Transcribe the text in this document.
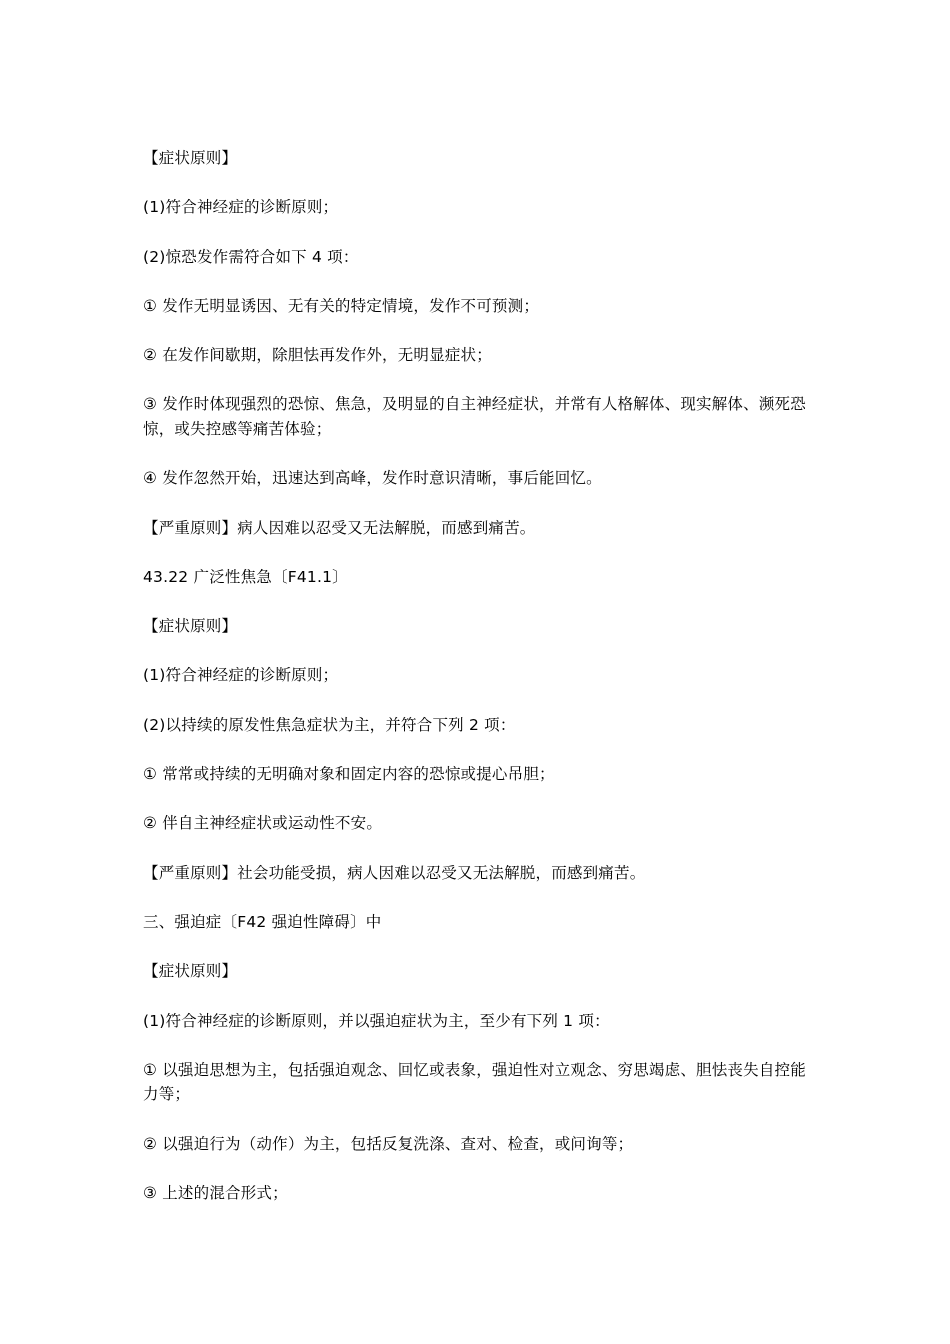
【症状原则】

(1)符合神经症的诊断原则；

(2)惊恐发作需符合如下 4 项：

① 发作无明显诱因、无有关的特定情境，发作不可预测；

② 在发作间歇期，除胆怯再发作外，无明显症状；

③ 发作时体现强烈的恐惊、焦急，及明显的自主神经症状，并常有人格解体、现实解体、濒死恐惊，或失控感等痛苦体验；

④ 发作忽然开始，迅速达到高峰，发作时意识清晰，事后能回忆。

【严重原则】病人因难以忍受又无法解脱，而感到痛苦。

43.22 广泛性焦急〔F41.1〕

【症状原则】

(1)符合神经症的诊断原则；

(2)以持续的原发性焦急症状为主，并符合下列 2 项：

① 常常或持续的无明确对象和固定内容的恐惊或提心吊胆；

② 伴自主神经症状或运动性不安。

【严重原则】社会功能受损，病人因难以忍受又无法解脱，而感到痛苦。

三、强迫症〔F42 强迫性障碍〕中

【症状原则】

(1)符合神经症的诊断原则，并以强迫症状为主，至少有下列 1 项：

① 以强迫思想为主，包括强迫观念、回忆或表象，强迫性对立观念、穷思竭虑、胆怯丧失自控能力等；

② 以强迫行为（动作）为主，包括反复洗涤、查对、检查，或问询等；

③ 上述的混合形式；
